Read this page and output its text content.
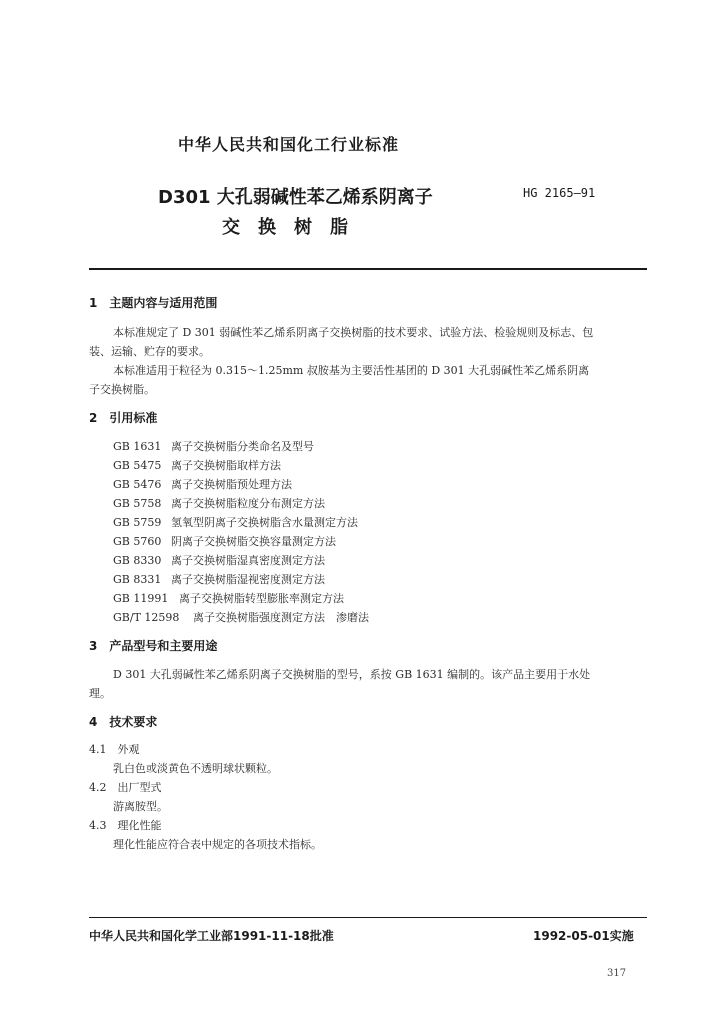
中华人民共和国化工行业标准
D301 大孔弱碱性苯乙烯系阴离子
交　换　树　脂
HG 2165—91
1　主题内容与适用范围
本标准规定了 D 301 弱碱性苯乙烯系阴离子交换树脂的技术要求、试验方法、检验规则及标志、包
装、运输、贮存的要求。
本标准适用于粒径为 0.315～1.25mm 叔胺基为主要活性基团的 D 301 大孔弱碱性苯乙烯系阴离
子交换树脂。
2　引用标准
GB 1631 离子交换树脂分类命名及型号
GB 5475 离子交换树脂取样方法
GB 5476 离子交换树脂预处理方法
GB 5758 离子交换树脂粒度分布测定方法
GB 5759 氢氧型阴离子交换树脂含水量测定方法
GB 5760 阴离子交换树脂交换容量测定方法
GB 8330 离子交换树脂湿真密度测定方法
GB 8331 离子交换树脂湿视密度测定方法
GB 11991 离子交换树脂转型膨胀率测定方法
GB/T 12598 离子交换树脂强度测定方法　渗磨法
3　产品型号和主要用途
D 301 大孔弱碱性苯乙烯系阴离子交换树脂的型号，系按 GB 1631 编制的。该产品主要用于水处
理。
4　技术要求
4.1　外观
乳白色或淡黄色不透明球状颗粒。
4.2　出厂型式
游离胺型。
4.3　理化性能
理化性能应符合表中规定的各项技术指标。
中华人民共和国化学工业部1991-11-18批准	1992-05-01实施
317
